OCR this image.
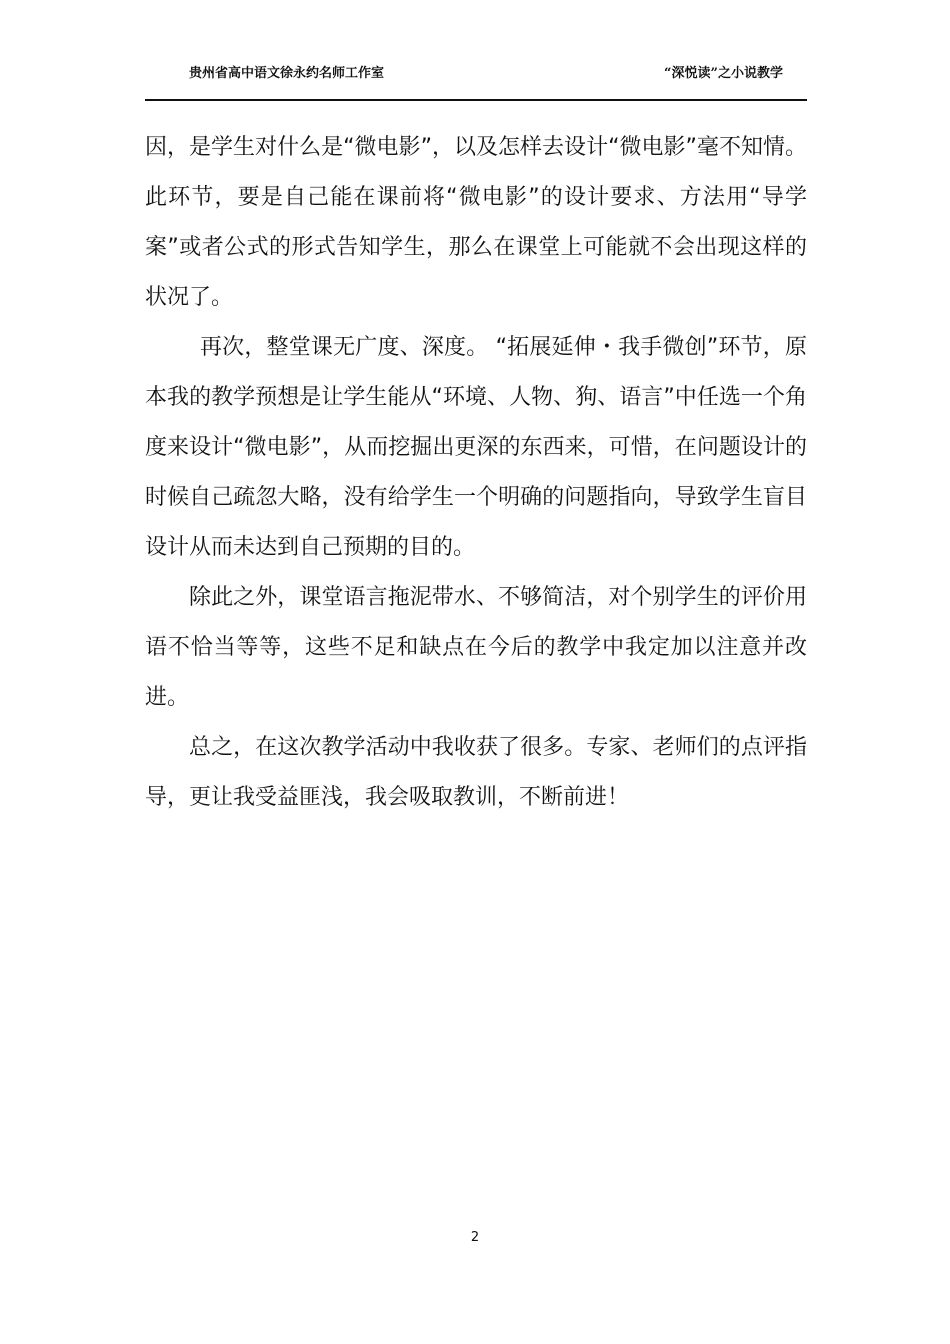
贵州省高中语文徐永约名师工作室	“深悦读”之小说教学

因，是学生对什么是“微电影”，以及怎样去设计“微电影”毫不知情。此环节，要是自己能在课前将“微电影”的设计要求、方法用“导学案”或者公式的形式告知学生，那么在课堂上可能就不会出现这样的状况了。

再次，整堂课无广度、深度。 “拓展延伸・我手微创”环节，原本我的教学预想是让学生能从“环境、人物、狗、语言”中任选一个角度来设计“微电影”，从而挖掘出更深的东西来，可惜，在问题设计的时候自己疏忽大略，没有给学生一个明确的问题指向，导致学生盲目设计从而未达到自己预期的目的。

除此之外，课堂语言拖泥带水、不够简洁，对个别学生的评价用语不恰当等等，这些不足和缺点在今后的教学中我定加以注意并改进。

总之，在这次教学活动中我收获了很多。专家、老师们的点评指导，更让我受益匪浅，我会吸取教训，不断前进！

2
